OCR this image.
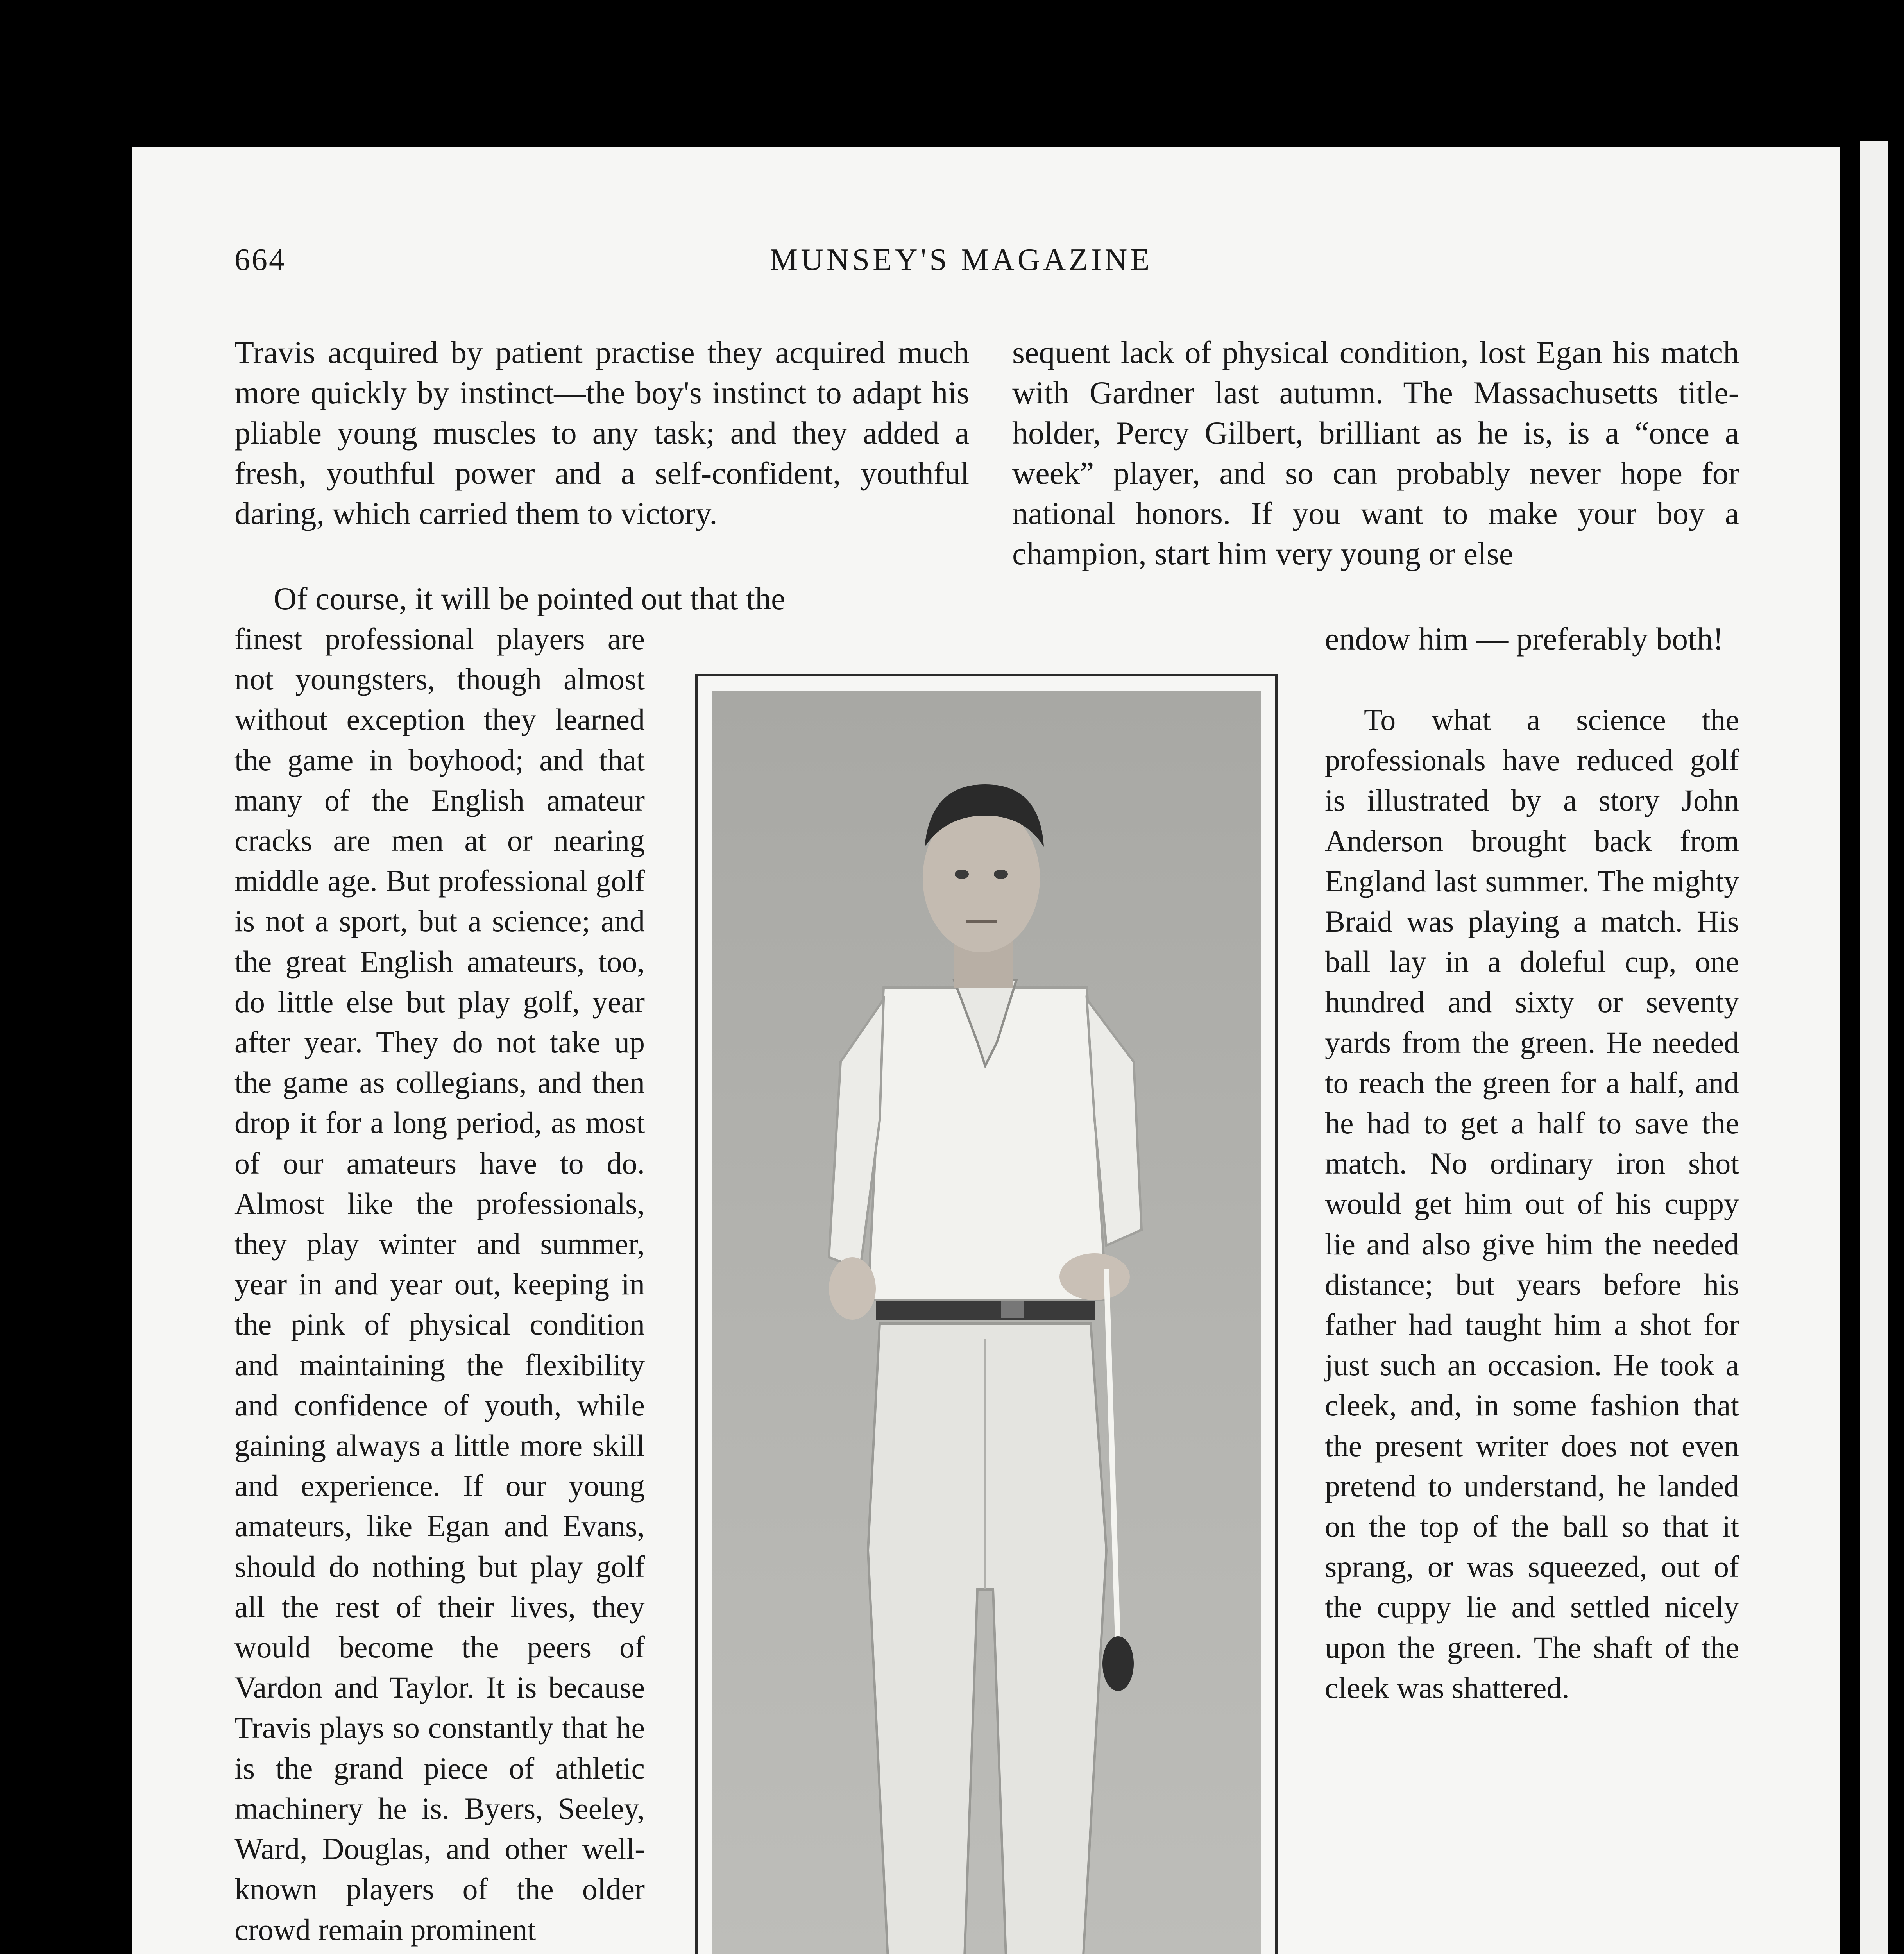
664	MUNSEY'S MAGAZINE

Travis acquired by patient practise they acquired much more quickly by instinct—the boy's instinct to adapt his pliable young muscles to any task; and they added a fresh, youthful power and a self-confident, youthful daring, which carried them to victory.

Of course, it will be pointed out that the

finest professional players are not youngsters, though almost without exception they learned the game in boyhood; and that many of the English amateur cracks are men at or nearing middle age. But professional golf is not a sport, but a science; and the great English amateurs, too, do little else but play golf, year after year. They do not take up the game as collegians, and then drop it for a long period, as most of our amateurs have to do. Almost like the professionals, they play winter and summer, year in and year out, keeping in the pink of physical condition and maintaining the flexibility and confidence of youth, while gaining always a little more skill and experience. If our young amateurs, like Egan and Evans, should do nothing but play golf all the rest of their lives, they would become the peers of Vardon and Taylor. It is because Travis plays so constantly that he is the grand piece of athletic machinery he is. Byers, Seeley, Ward, Douglas, and other well-known players of the older crowd remain prominent

sequent lack of physical condition, lost Egan his match with Gardner last autumn. The Massachusetts title-holder, Percy Gilbert, brilliant as he is, is a “once a week” player, and so can probably never hope for national honors. If you want to make your boy a champion, start him very young or else

endow him — preferably both!

To what a science the professionals have reduced golf is illustrated by a story John Anderson brought back from England last summer. The mighty Braid was playing a match. His ball lay in a doleful cup, one hundred and sixty or seventy yards from the green. He needed to reach the green for a half, and he had to get a half to save the match. No ordinary iron shot would get him out of his cuppy lie and also give him the needed distance; but years before his father had taught him a shot for just such an occasion. He took a cleek, and, in some fashion that the present writer does not even pretend to understand, he landed on the top of the ball so that it sprang, or was squeezed, out of the cuppy lie and settled nicely upon the green. The shaft of the cleek was shattered.
